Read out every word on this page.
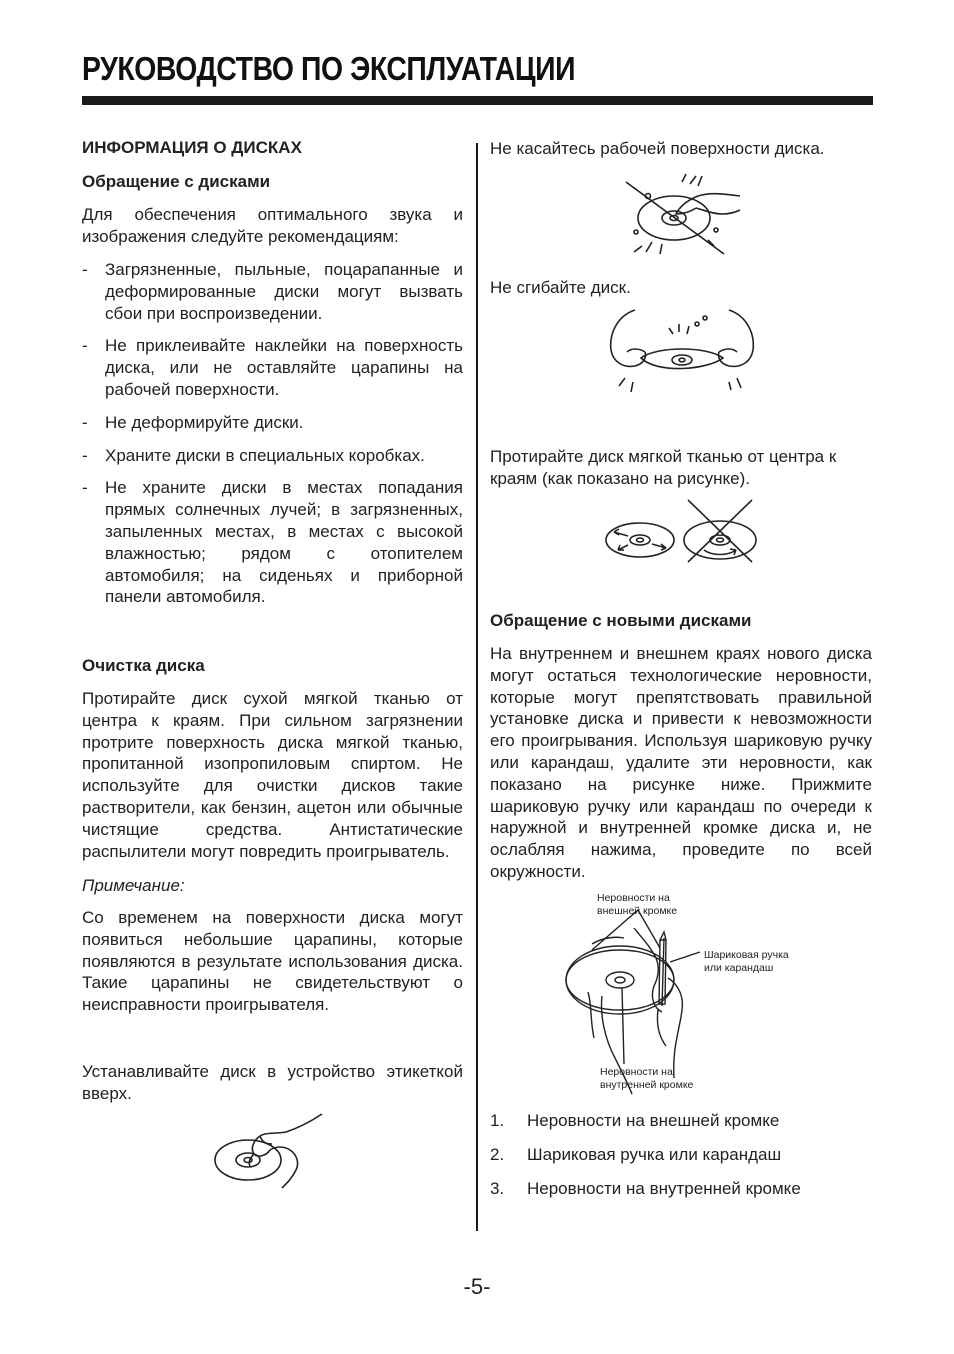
РУКОВОДСТВО ПО ЭКСПЛУАТАЦИИ
ИНФОРМАЦИЯ О ДИСКАХ
Обращение с дисками
Для обеспечения оптимального звука и изображения следуйте рекомендациям:
- Загрязненные, пыльные, поцарапанные и деформированные диски могут вызвать сбои при воспроизведении.
- Не приклеивайте наклейки на поверхность диска, или не оставляйте царапины на рабочей поверхности.
- Не деформируйте диски.
- Храните диски в специальных коробках.
- Не храните диски в местах попадания прямых солнечных лучей; в загрязненных, запыленных местах, в местах с высокой влажностью; рядом с отопителем автомобиля; на сиденьях и приборной панели автомобиля.
Очистка диска
Протирайте диск сухой мягкой тканью от центра к краям. При сильном загрязнении протрите поверхность диска мягкой тканью, пропитанной изопропиловым спиртом. Не используйте для очистки дисков такие растворители, как бензин, ацетон или обычные чистящие средства. Антистатические распылители могут повредить проигрыватель.
Примечание:
Со временем на поверхности диска могут появиться небольшие царапины, которые появляются в результате использования диска. Такие царапины не свидетельствуют о неисправности проигрывателя.
Устанавливайте диск в устройство этикеткой вверх.
Не касайтесь рабочей поверхности диска.
Не сгибайте диск.
Протирайте диск мягкой тканью от центра к краям (как показано на рисунке).
Обращение с новыми дисками
На внутреннем и внешнем краях нового диска могут остаться технологические неровности, которые могут препятствовать правильной установке диска и привести к невозможности его проигрывания. Используя шариковую ручку или карандаш, удалите эти неровности, как показано на рисунке ниже. Прижмите шариковую ручку или карандаш по очереди к наружной и внутренней кромке диска и, не ослабляя нажима, проведите по всей окружности.
Неровности на внешней кромке
Шариковая ручка или карандаш
Неровности на внутренней кромке
1.	Неровности на внешней кромке
2.	Шариковая ручка или карандаш
3.	Неровности на внутренней кромке
-5-
